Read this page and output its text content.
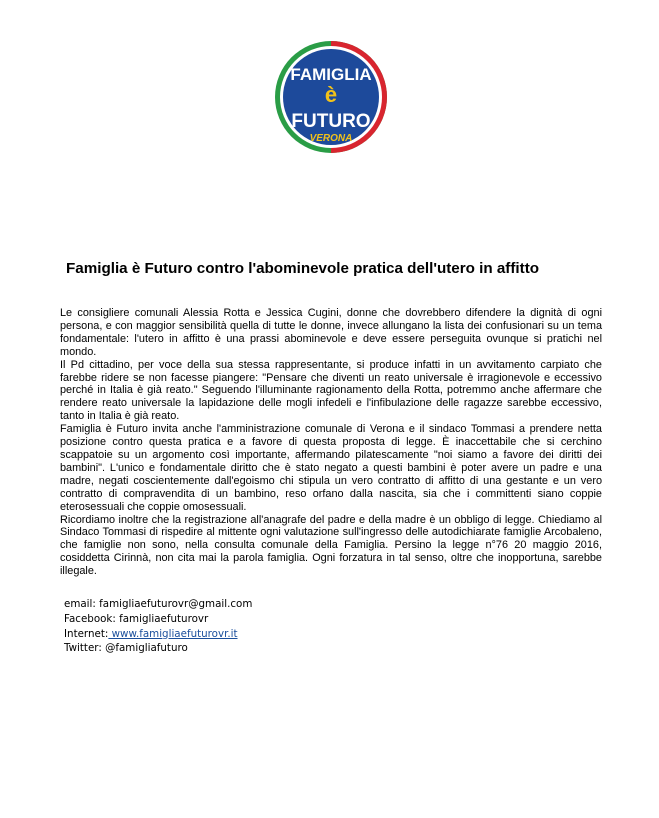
FAMIGLIA
è
FUTURO
VERONA
Famiglia è Futuro contro l'abominevole pratica dell'utero in affitto

Le consigliere comunali Alessia Rotta e Jessica Cugini, donne che dovrebbero difendere la dignità di ogni persona, e con maggior sensibilità quella di tutte le donne, invece allungano la lista dei confusionari su un tema fondamentale: l'utero in affitto è una prassi abominevole e deve essere perseguita ovunque si pratichi nel mondo.

Il Pd cittadino, per voce della sua stessa rappresentante, si produce infatti in un avvitamento carpiato che farebbe ridere se non facesse piangere: "Pensare che diventi un reato universale è irragionevole e eccessivo perché in Italia è già reato." Seguendo l'illuminante ragionamento della Rotta, potremmo anche affermare che rendere reato universale la lapidazione delle mogli infedeli e l'infibulazione delle ragazze sarebbe eccessivo, tanto in Italia è già reato.

Famiglia è Futuro invita anche l'amministrazione comunale di Verona e il sindaco Tommasi a prendere netta posizione contro questa pratica e a favore di questa proposta di legge. È inaccettabile che si cerchino scappatoie su un argomento così importante, affermando pilatescamente "noi siamo a favore dei diritti dei bambini". L'unico e fondamentale diritto che è stato negato a questi bambini è poter avere un padre e una madre, negati coscientemente dall'egoismo chi stipula un vero contratto di affitto di una gestante e un vero contratto di compravendita di un bambino, reso orfano dalla nascita, sia che i committenti siano coppie eterosessuali che coppie omosessuali.

Ricordiamo inoltre che la registrazione all'anagrafe del padre e della madre è un obbligo di legge. Chiediamo al Sindaco Tommasi di rispedire al mittente ogni valutazione sull'ingresso delle autodichiarate famiglie Arcobaleno, che famiglie non sono, nella consulta comunale della Famiglia. Persino la legge n°76 20 maggio 2016, cosiddetta Cirinnà, non cita mai la parola famiglia. Ogni forzatura in tal senso, oltre che inopportuna, sarebbe illegale.

email: famigliaefuturovr@gmail.com
Facebook: famigliaefuturovr
Internet: www.famigliaefuturovr.it
Twitter: @famigliafuturo
